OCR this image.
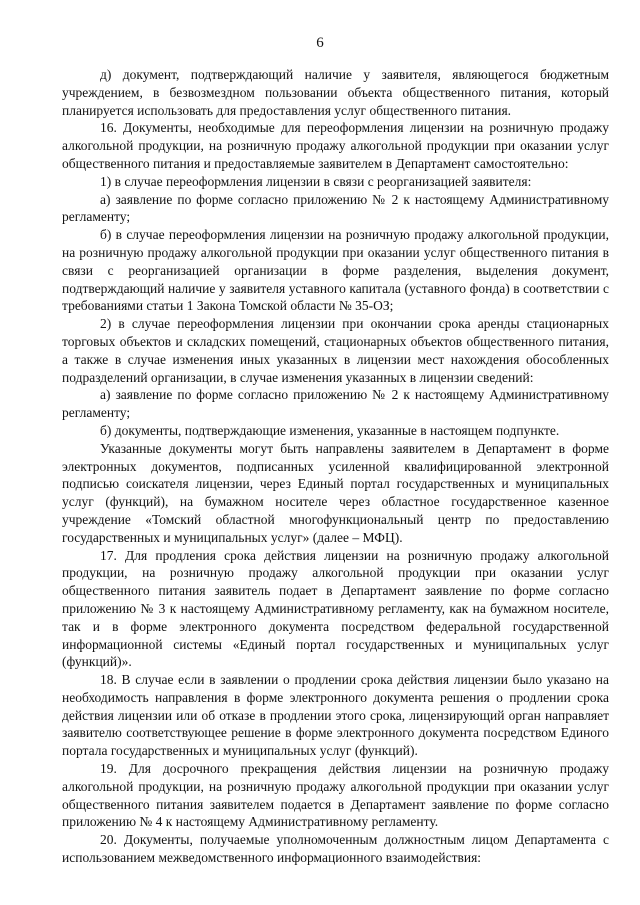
6

д) документ, подтверждающий наличие у заявителя, являющегося бюджетным учреждением, в безвозмездном пользовании объекта общественного питания, который планируется использовать для предоставления услуг общественного питания.

16. Документы, необходимые для переоформления лицензии на розничную продажу алкогольной продукции, на розничную продажу алкогольной продукции при оказании услуг общественного питания и предоставляемые заявителем в Департамент самостоятельно:

1) в случае переоформления лицензии в связи с реорганизацией заявителя:

а) заявление по форме согласно приложению № 2 к настоящему Административному регламенту;

б) в случае переоформления лицензии на розничную продажу алкогольной продукции, на розничную продажу алкогольной продукции при оказании услуг общественного питания в связи с реорганизацией организации в форме разделения, выделения документ, подтверждающий наличие у заявителя уставного капитала (уставного фонда) в соответствии с требованиями статьи 1 Закона Томской области № 35-ОЗ;

2) в случае переоформления лицензии при окончании срока аренды стационарных торговых объектов и складских помещений, стационарных объектов общественного питания, а также в случае изменения иных указанных в лицензии мест нахождения обособленных подразделений организации, в случае изменения указанных в лицензии сведений:

а) заявление по форме согласно приложению № 2 к настоящему Административному регламенту;

б) документы, подтверждающие изменения, указанные в настоящем подпункте.

Указанные документы могут быть направлены заявителем в Департамент в форме электронных документов, подписанных усиленной квалифицированной электронной подписью соискателя лицензии, через Единый портал государственных и муниципальных услуг (функций), на бумажном носителе через областное государственное казенное учреждение «Томский областной многофункциональный центр по предоставлению государственных и муниципальных услуг» (далее – МФЦ).

17. Для продления срока действия лицензии на розничную продажу алкогольной продукции, на розничную продажу алкогольной продукции при оказании услуг общественного питания заявитель подает в Департамент заявление по форме согласно приложению № 3 к настоящему Административному регламенту, как на бумажном носителе, так и в форме электронного документа посредством федеральной государственной информационной системы «Единый портал государственных и муниципальных услуг (функций)».

18. В случае если в заявлении о продлении срока действия лицензии было указано на необходимость направления в форме электронного документа решения о продлении срока действия лицензии или об отказе в продлении этого срока, лицензирующий орган направляет заявителю соответствующее решение в форме электронного документа посредством Единого портала государственных и муниципальных услуг (функций).

19. Для досрочного прекращения действия лицензии на розничную продажу алкогольной продукции, на розничную продажу алкогольной продукции при оказании услуг общественного питания заявителем подается в Департамент заявление по форме согласно приложению № 4 к настоящему Административному регламенту.

20. Документы, получаемые уполномоченным должностным лицом Департамента с использованием межведомственного информационного взаимодействия:
